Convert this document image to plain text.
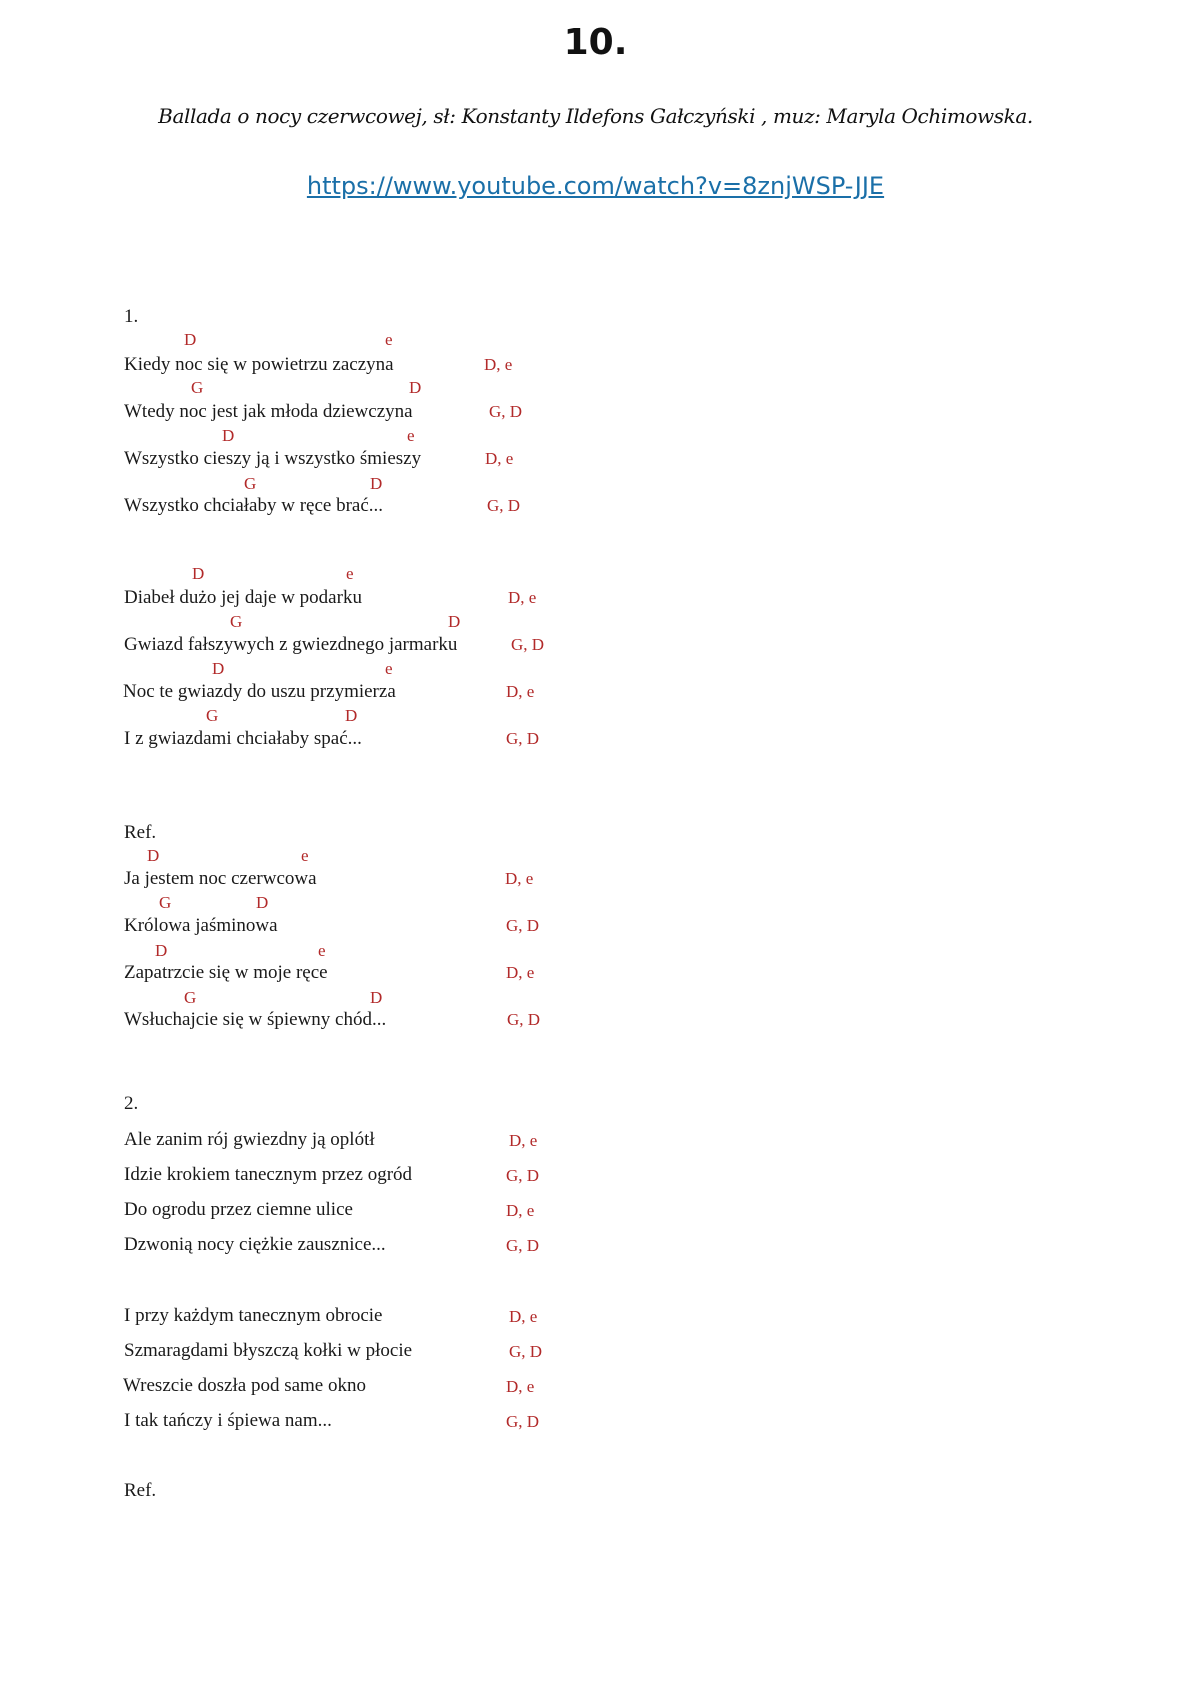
10.
Ballada o nocy czerwcowej, sł: Konstanty Ildefons Gałczyński , muz: Maryla Ochimowska.
https://www.youtube.com/watch?v=8znjWSP-JJE
1.
D	e
Kiedy noc się w powietrzu zaczyna	D, e
G	D
Wtedy noc jest jak młoda dziewczyna	G, D
D	e
Wszystko cieszy ją i wszystko śmieszy	D, e
G	D
Wszystko chciałaby w ręce brać...	G, D
D	e
Diabeł dużo jej daje w podarku	D, e
G	D
Gwiazd fałszywych z gwiezdnego jarmarku	G, D
D	e
Noc te gwiazdy do uszu przymierza	D, e
G	D
I z gwiazdami chciałaby spać...	G, D
Ref.
D	e
Ja jestem noc czerwcowa	D, e
G	D
Królowa jaśminowa	G, D
D	e
Zapatrzcie się w moje ręce	D, e
G	D
Wsłuchajcie się w śpiewny chód...	G, D
2.
Ale zanim rój gwiezdny ją oplótł	D, e
Idzie krokiem tanecznym przez ogród	G, D
Do ogrodu przez ciemne ulice	D, e
Dzwonią nocy ciężkie zausznice...	G, D
I przy każdym tanecznym obrocie	D, e
Szmaragdami błyszczą kołki w płocie	G, D
Wreszcie doszła pod same okno	D, e
I tak tańczy i śpiewa nam...	G, D
Ref.
